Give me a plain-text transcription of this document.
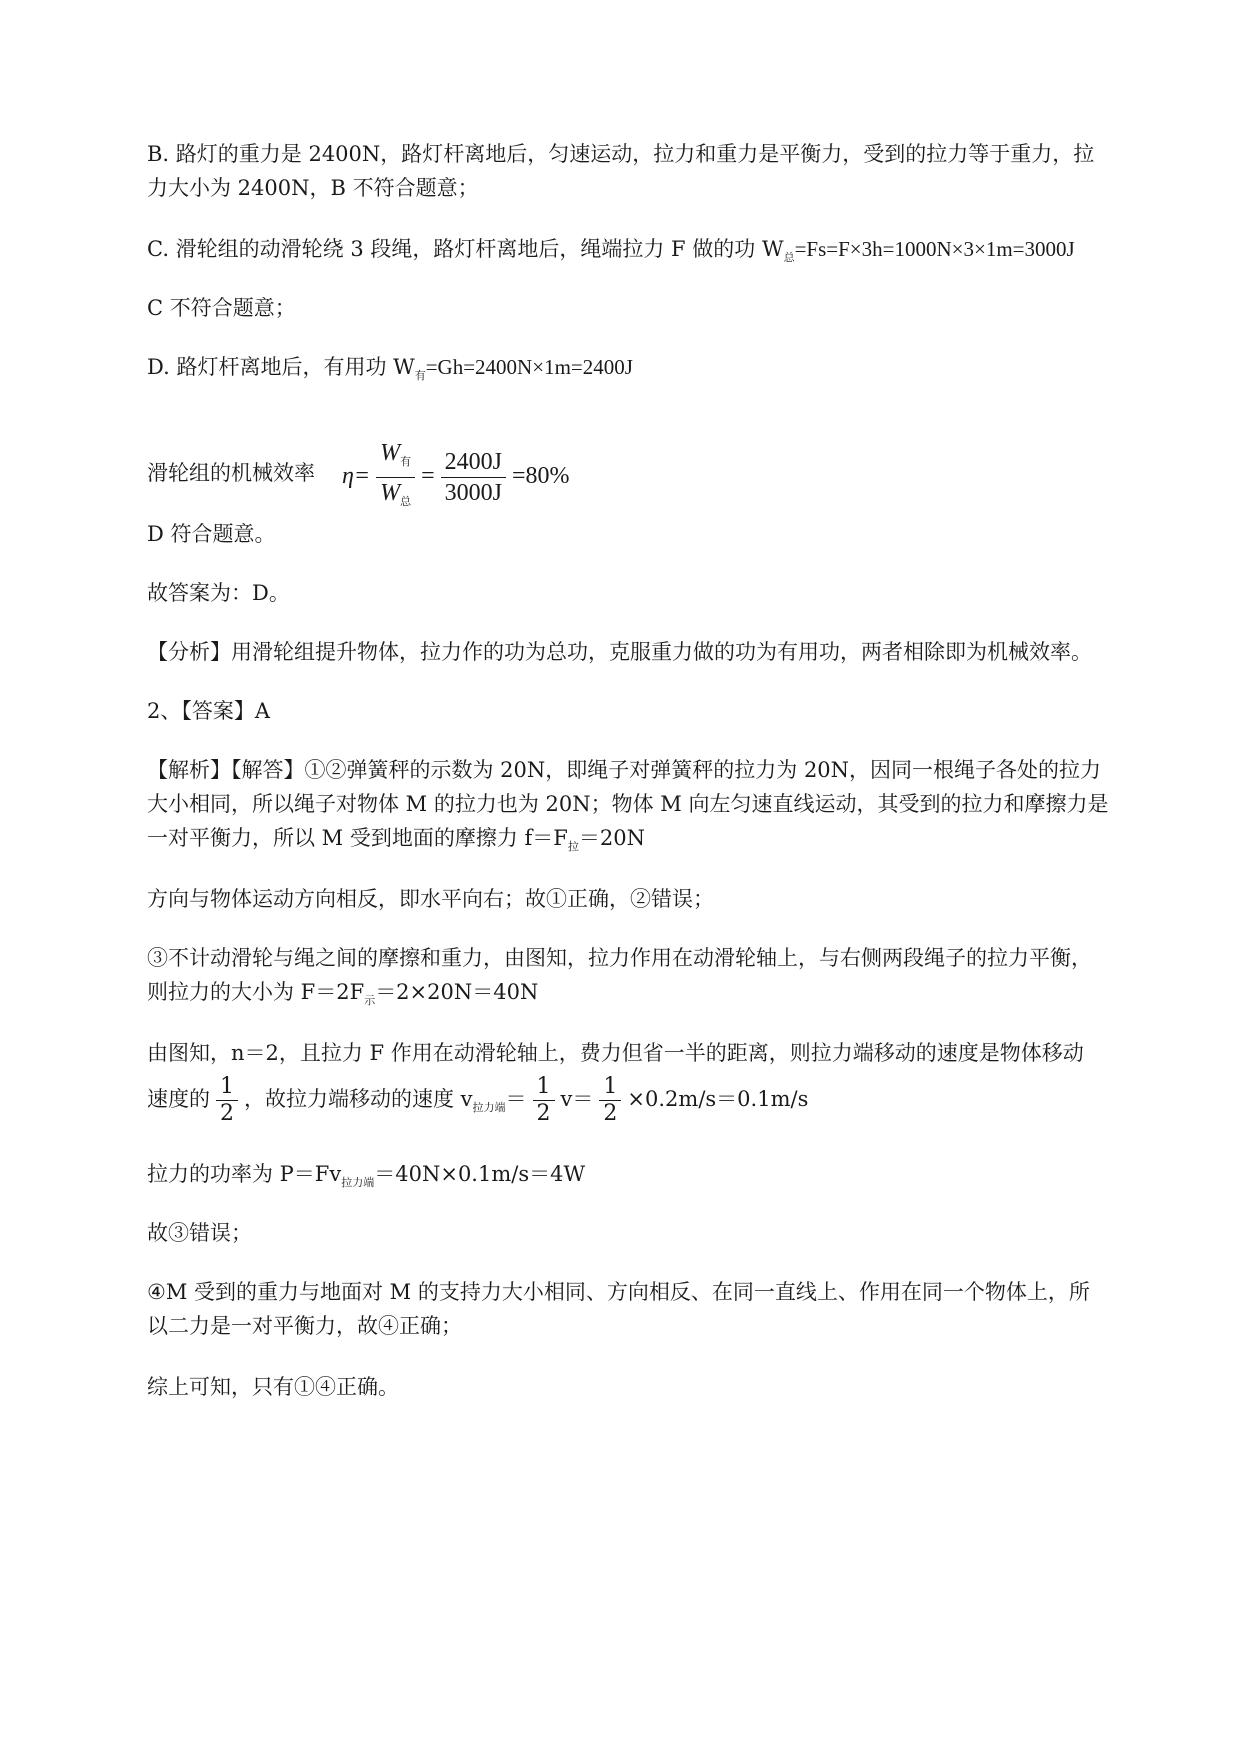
B. 路灯的重力是 2400N，路灯杆离地后，匀速运动，拉力和重力是平衡力，受到的拉力等于重力，拉
力大小为 2400N，B 不符合题意；
C. 滑轮组的动滑轮绕 3 段绳，路灯杆离地后，绳端拉力 F 做的功 $W_总=Fs=F\times 3h=1000N\times 3\times 1m=3000J$
C 不符合题意；
D. 路灯杆离地后，有用功 $W_有=Gh=2400N\times 1m=2400J$
滑轮组的机械效率 $\eta= \frac{W_有}{W_总} = \frac{2400J}{3000J} =80\%$
D 符合题意。
故答案为：D。
【分析】用滑轮组提升物体，拉力作的功为总功，克服重力做的功为有用功，两者相除即为机械效率。
2、【答案】A
【解析】【解答】①②弹簧秤的示数为 20N，即绳子对弹簧秤的拉力为 20N，因同一根绳子各处的拉力
大小相同，所以绳子对物体 M 的拉力也为 20N；物体 M 向左匀速直线运动，其受到的拉力和摩擦力是
一对平衡力，所以 M 受到地面的摩擦力 $f=F_拉=20N$
方向与物体运动方向相反，即水平向右；故①正确，②错误；
③不计动滑轮与绳之间的摩擦和重力，由图知，拉力作用在动滑轮轴上，与右侧两段绳子的拉力平衡，
则拉力的大小为 $F=2F_示=2\times 20N=40N$
由图知，n＝2，且拉力 F 作用在动滑轮轴上，费力但省一半的距离，则拉力端移动的速度是物体移动
速度的 $\frac{1}{2}$ ，故拉力端移动的速度 $v_{拉力端}= \frac{1}{2} v= \frac{1}{2} \times 0.2m/s=0.1m/s$
拉力的功率为 $P=Fv_{拉力端}=40N\times 0.1m/s=4W$
故③错误；
④M 受到的重力与地面对 M 的支持力大小相同、方向相反、在同一直线上、作用在同一个物体上，所
以二力是一对平衡力，故④正确；
综上可知，只有①④正确。
